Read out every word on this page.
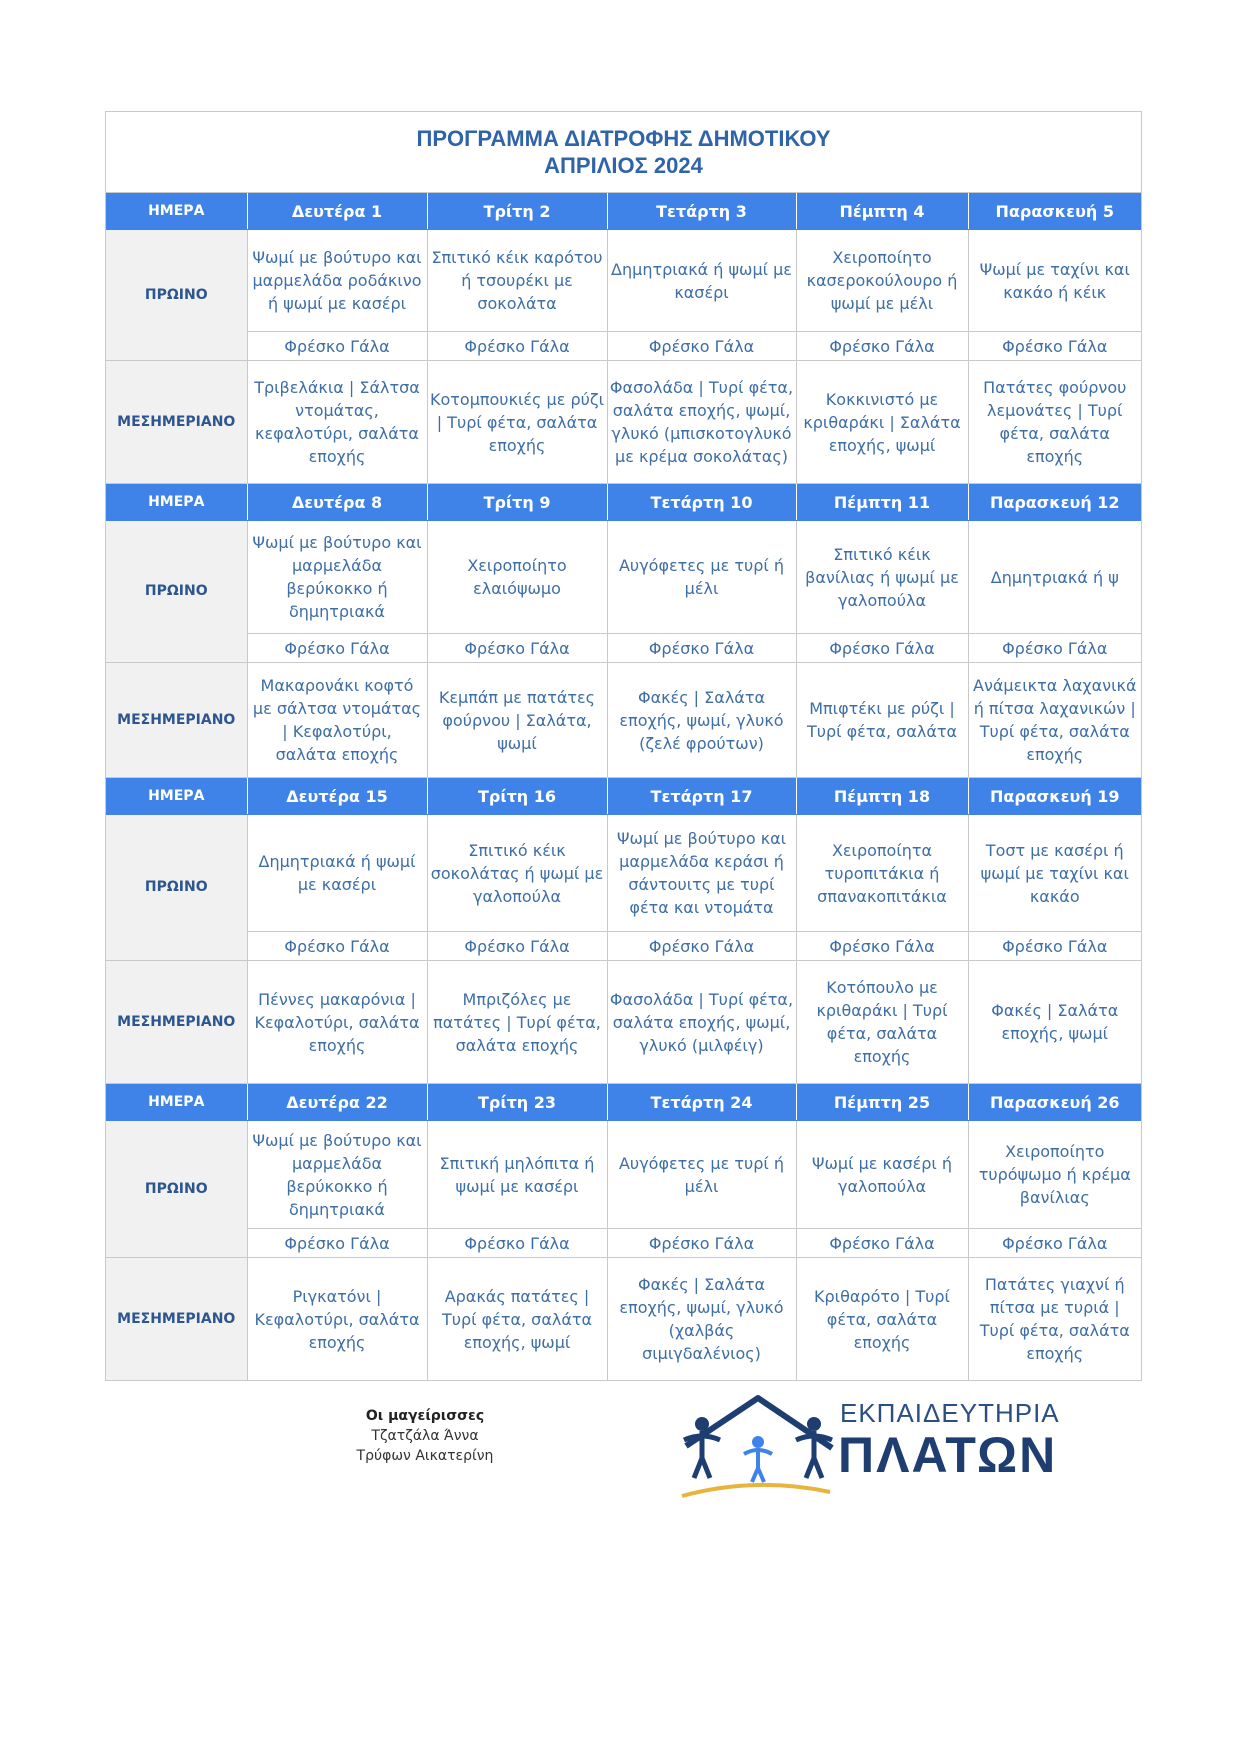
ΠΡΟΓΡΑΜΜΑ ΔΙΑΤΡΟΦΗΣ ΔΗΜΟΤΙΚΟΥ
ΑΠΡΙΛΙΟΣ 2024
ΗΜΕΡΑ	Δευτέρα 1	Τρίτη 2	Τετάρτη 3	Πέμπτη 4	Παρασκευή 5
ΠΡΩΙΝΟ	Ψωμί με βούτυρο και μαρμελάδα ροδάκινο ή ψωμί με κασέρι	Σπιτικό κέικ καρότου ή τσουρέκι με σοκολάτα	Δημητριακά ή ψωμί με κασέρι	Χειροποίητο κασεροκούλουρο ή ψωμί με μέλι	Ψωμί με ταχίνι και κακάο ή κέικ
	Φρέσκο Γάλα	Φρέσκο Γάλα	Φρέσκο Γάλα	Φρέσκο Γάλα	Φρέσκο Γάλα
ΜΕΣΗΜΕΡΙΑΝΟ	Τριβελάκια | Σάλτσα ντομάτας, κεφαλοτύρι, σαλάτα εποχής	Κοτομπουκιές με ρύζι | Τυρί φέτα, σαλάτα εποχής	Φασολάδα | Τυρί φέτα, σαλάτα εποχής, ψωμί, γλυκό (μπισκοτογλυκό με κρέμα σοκολάτας)	Κοκκινιστό με κριθαράκι | Σαλάτα εποχής, ψωμί	Πατάτες φούρνου λεμονάτες | Τυρί φέτα, σαλάτα εποχής
ΗΜΕΡΑ	Δευτέρα 8	Τρίτη 9	Τετάρτη 10	Πέμπτη 11	Παρασκευή 12
ΠΡΩΙΝΟ	Ψωμί με βούτυρο και μαρμελάδα βερύκοκκο ή δημητριακά	Χειροποίητο ελαιόψωμο	Αυγόφετες με τυρί ή μέλι	Σπιτικό κέικ βανίλιας ή ψωμί με γαλοπούλα	Δημητριακά ή ψ
	Φρέσκο Γάλα	Φρέσκο Γάλα	Φρέσκο Γάλα	Φρέσκο Γάλα	Φρέσκο Γάλα
ΜΕΣΗΜΕΡΙΑΝΟ	Μακαρονάκι κοφτό με σάλτσα ντομάτας | Κεφαλοτύρι, σαλάτα εποχής	Κεμπάπ με πατάτες φούρνου | Σαλάτα, ψωμί	Φακές | Σαλάτα εποχής, ψωμί, γλυκό (ζελέ φρούτων)	Μπιφτέκι με ρύζι | Τυρί φέτα, σαλάτα	Ανάμεικτα λαχανικά ή πίτσα λαχανικών | Τυρί φέτα, σαλάτα εποχής
ΗΜΕΡΑ	Δευτέρα 15	Τρίτη 16	Τετάρτη 17	Πέμπτη 18	Παρασκευή 19
ΠΡΩΙΝΟ	Δημητριακά ή ψωμί με κασέρι	Σπιτικό κέικ σοκολάτας ή ψωμί με γαλοπούλα	Ψωμί με βούτυρο και μαρμελάδα κεράσι ή σάντουιτς με τυρί φέτα και ντομάτα	Χειροποίητα τυροπιτάκια ή σπανακοπιτάκια	Τοστ με κασέρι ή ψωμί με ταχίνι και κακάο
	Φρέσκο Γάλα	Φρέσκο Γάλα	Φρέσκο Γάλα	Φρέσκο Γάλα	Φρέσκο Γάλα
ΜΕΣΗΜΕΡΙΑΝΟ	Πέννες μακαρόνια | Κεφαλοτύρι, σαλάτα εποχής	Μπριζόλες με πατάτες | Τυρί φέτα, σαλάτα εποχής	Φασολάδα | Τυρί φέτα, σαλάτα εποχής, ψωμί, γλυκό (μιλφέιγ)	Κοτόπουλο με κριθαράκι | Τυρί φέτα, σαλάτα εποχής	Φακές | Σαλάτα εποχής, ψωμί
ΗΜΕΡΑ	Δευτέρα 22	Τρίτη 23	Τετάρτη 24	Πέμπτη 25	Παρασκευή 26
ΠΡΩΙΝΟ	Ψωμί με βούτυρο και μαρμελάδα βερύκοκκο ή δημητριακά	Σπιτική μηλόπιτα ή ψωμί με κασέρι	Αυγόφετες με τυρί ή μέλι	Ψωμί με κασέρι ή γαλοπούλα	Χειροποίητο τυρόψωμο ή κρέμα βανίλιας
	Φρέσκο Γάλα	Φρέσκο Γάλα	Φρέσκο Γάλα	Φρέσκο Γάλα	Φρέσκο Γάλα
ΜΕΣΗΜΕΡΙΑΝΟ	Ριγκατόνι | Κεφαλοτύρι, σαλάτα εποχής	Αρακάς πατάτες | Τυρί φέτα, σαλάτα εποχής, ψωμί	Φακές | Σαλάτα εποχής, ψωμί, γλυκό (χαλβάς σιμιγδαλένιος)	Κριθαρότο | Τυρί φέτα, σαλάτα εποχής	Πατάτες γιαχνί ή πίτσα με τυριά | Τυρί φέτα, σαλάτα εποχής
Οι μαγείρισσες
Τζατζάλα Άννα
Τρύφων Αικατερίνη
ΕΚΠΑΙΔΕΥΤΗΡΙΑ
ΠΛΑΤΩΝ
